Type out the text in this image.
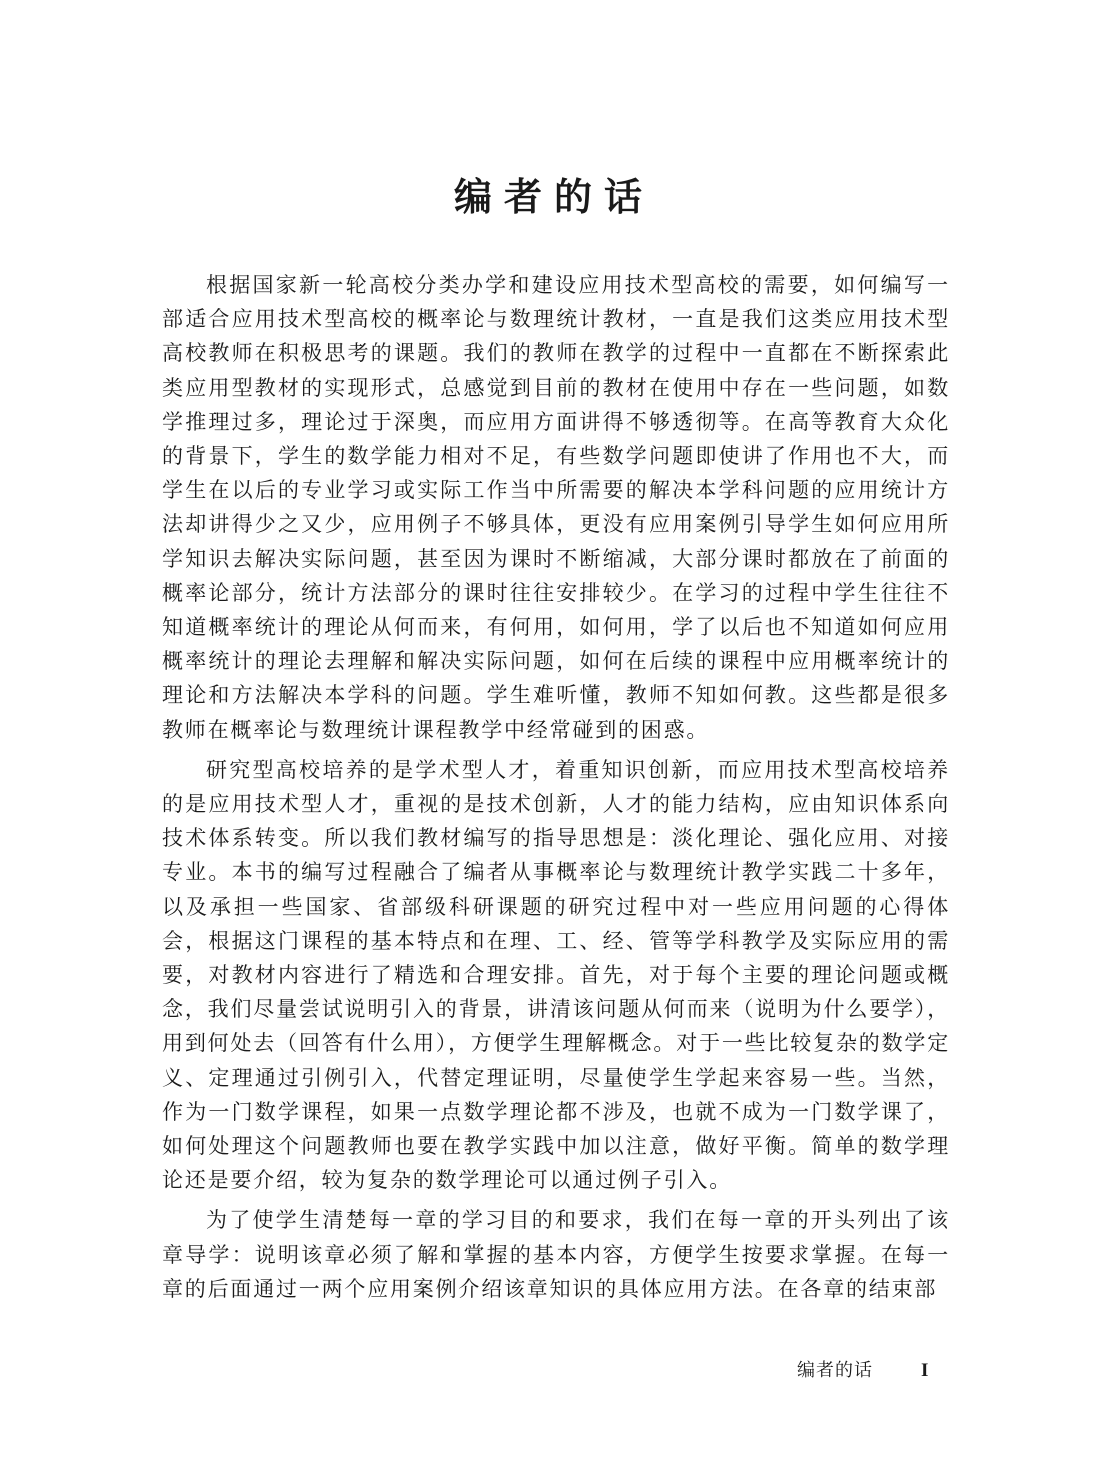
编者的话

根据国家新一轮高校分类办学和建设应用技术型高校的需要，如何编写一部适合应用技术型高校的概率论与数理统计教材，一直是我们这类应用技术型高校教师在积极思考的课题。我们的教师在教学的过程中一直都在不断探索此类应用型教材的实现形式，总感觉到目前的教材在使用中存在一些问题，如数学推理过多，理论过于深奥，而应用方面讲得不够透彻等。在高等教育大众化的背景下，学生的数学能力相对不足，有些数学问题即使讲了作用也不大，而学生在以后的专业学习或实际工作当中所需要的解决本学科问题的应用统计方法却讲得少之又少，应用例子不够具体，更没有应用案例引导学生如何应用所学知识去解决实际问题，甚至因为课时不断缩减，大部分课时都放在了前面的概率论部分，统计方法部分的课时往往安排较少。在学习的过程中学生往往不知道概率统计的理论从何而来，有何用，如何用，学了以后也不知道如何应用概率统计的理论去理解和解决实际问题，如何在后续的课程中应用概率统计的理论和方法解决本学科的问题。学生难听懂，教师不知如何教。这些都是很多教师在概率论与数理统计课程教学中经常碰到的困惑。

研究型高校培养的是学术型人才，着重知识创新，而应用技术型高校培养的是应用技术型人才，重视的是技术创新，人才的能力结构，应由知识体系向技术体系转变。所以我们教材编写的指导思想是：淡化理论、强化应用、对接专业。本书的编写过程融合了编者从事概率论与数理统计教学实践二十多年，以及承担一些国家、省部级科研课题的研究过程中对一些应用问题的心得体会，根据这门课程的基本特点和在理、工、经、管等学科教学及实际应用的需要，对教材内容进行了精选和合理安排。首先，对于每个主要的理论问题或概念，我们尽量尝试说明引入的背景，讲清该问题从何而来（说明为什么要学），用到何处去（回答有什么用），方便学生理解概念。对于一些比较复杂的数学定义、定理通过引例引入，代替定理证明，尽量使学生学起来容易一些。当然，作为一门数学课程，如果一点数学理论都不涉及，也就不成为一门数学课了，如何处理这个问题教师也要在教学实践中加以注意，做好平衡。简单的数学理论还是要介绍，较为复杂的数学理论可以通过例子引入。

为了使学生清楚每一章的学习目的和要求，我们在每一章的开头列出了该章导学：说明该章必须了解和掌握的基本内容，方便学生按要求掌握。在每一章的后面通过一两个应用案例介绍该章知识的具体应用方法。在各章的结束部

编者的话	I
